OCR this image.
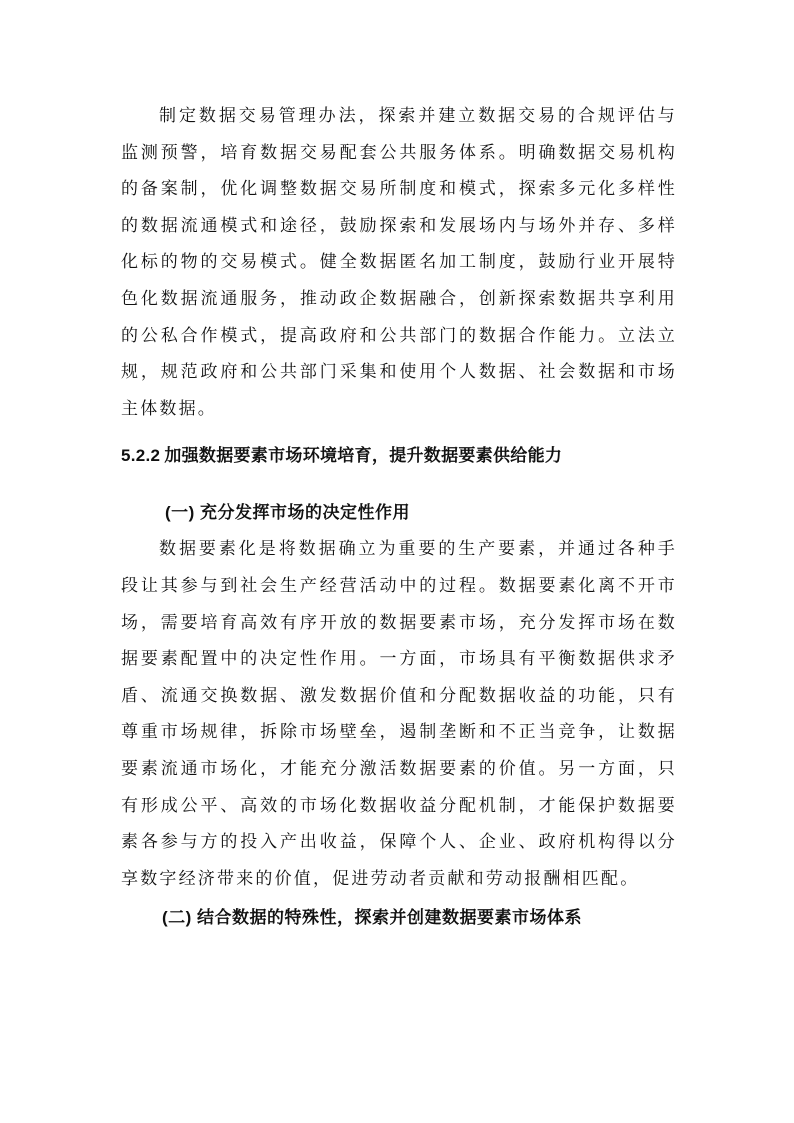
制定数据交易管理办法，探索并建立数据交易的合规评估与监测预警，培育数据交易配套公共服务体系。明确数据交易机构的备案制，优化调整数据交易所制度和模式，探索多元化多样性的数据流通模式和途径，鼓励探索和发展场内与场外并存、多样化标的物的交易模式。健全数据匿名加工制度，鼓励行业开展特色化数据流通服务，推动政企数据融合，创新探索数据共享利用的公私合作模式，提高政府和公共部门的数据合作能力。立法立规，规范政府和公共部门采集和使用个人数据、社会数据和市场主体数据。

5.2.2 加强数据要素市场环境培育，提升数据要素供给能力
(一) 充分发挥市场的决定性作用

数据要素化是将数据确立为重要的生产要素，并通过各种手段让其参与到社会生产经营活动中的过程。数据要素化离不开市场，需要培育高效有序开放的数据要素市场，充分发挥市场在数据要素配置中的决定性作用。一方面，市场具有平衡数据供求矛盾、流通交换数据、激发数据价值和分配数据收益的功能，只有尊重市场规律，拆除市场壁垒，遏制垄断和不正当竞争，让数据要素流通市场化，才能充分激活数据要素的价值。另一方面，只有形成公平、高效的市场化数据收益分配机制，才能保护数据要素各参与方的投入产出收益，保障个人、企业、政府机构得以分享数字经济带来的价值，促进劳动者贡献和劳动报酬相匹配。

(二) 结合数据的特殊性，探索并创建数据要素市场体系
